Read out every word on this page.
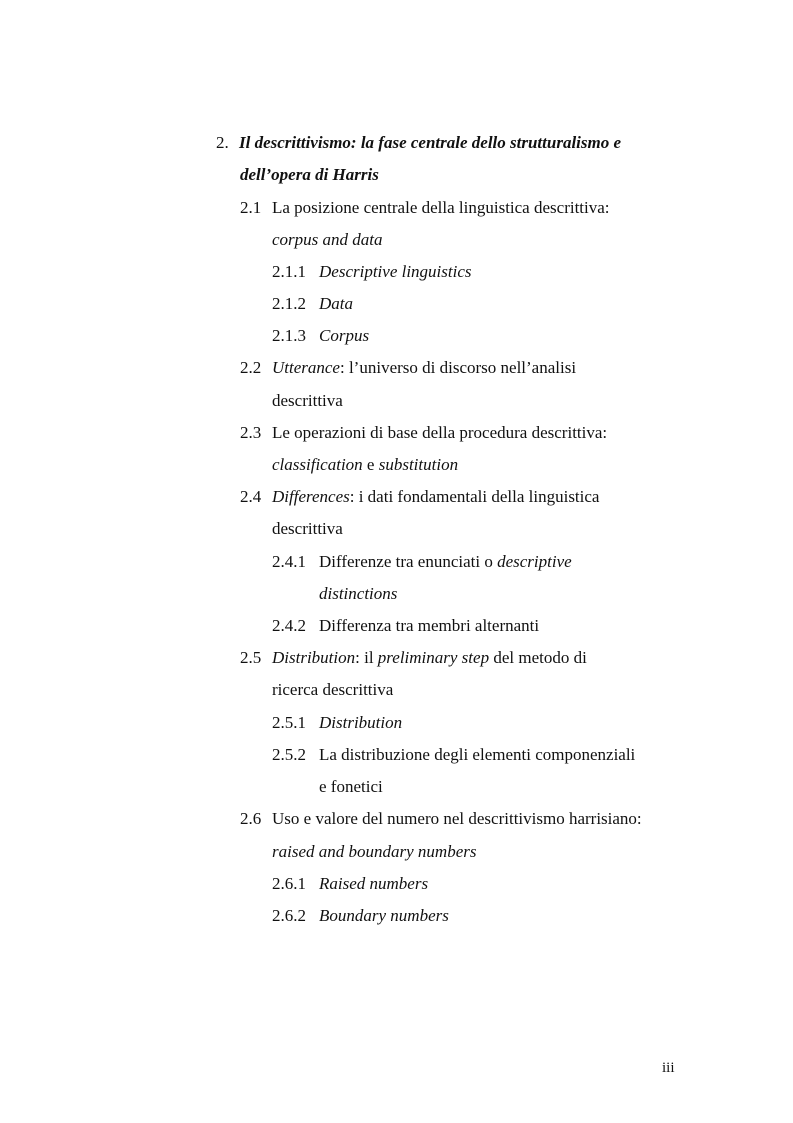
2. Il descrittivismo: la fase centrale dello strutturalismo e
dell’opera di Harris
2.1 La posizione centrale della linguistica descrittiva:
corpus and data
2.1.1 Descriptive linguistics
2.1.2 Data
2.1.3 Corpus
2.2 Utterance: l’universo di discorso nell’analisi
descrittiva
2.3 Le operazioni di base della procedura descrittiva:
classification e substitution
2.4 Differences: i dati fondamentali della linguistica
descrittiva
2.4.1 Differenze tra enunciati o descriptive
distinctions
2.4.2 Differenza tra membri alternanti
2.5 Distribution: il preliminary step del metodo di
ricerca descrittiva
2.5.1 Distribution
2.5.2 La distribuzione degli elementi componenziali
e fonetici
2.6 Uso e valore del numero nel descrittivismo harrisiano:
raised and boundary numbers
2.6.1 Raised numbers
2.6.2 Boundary numbers
iii
